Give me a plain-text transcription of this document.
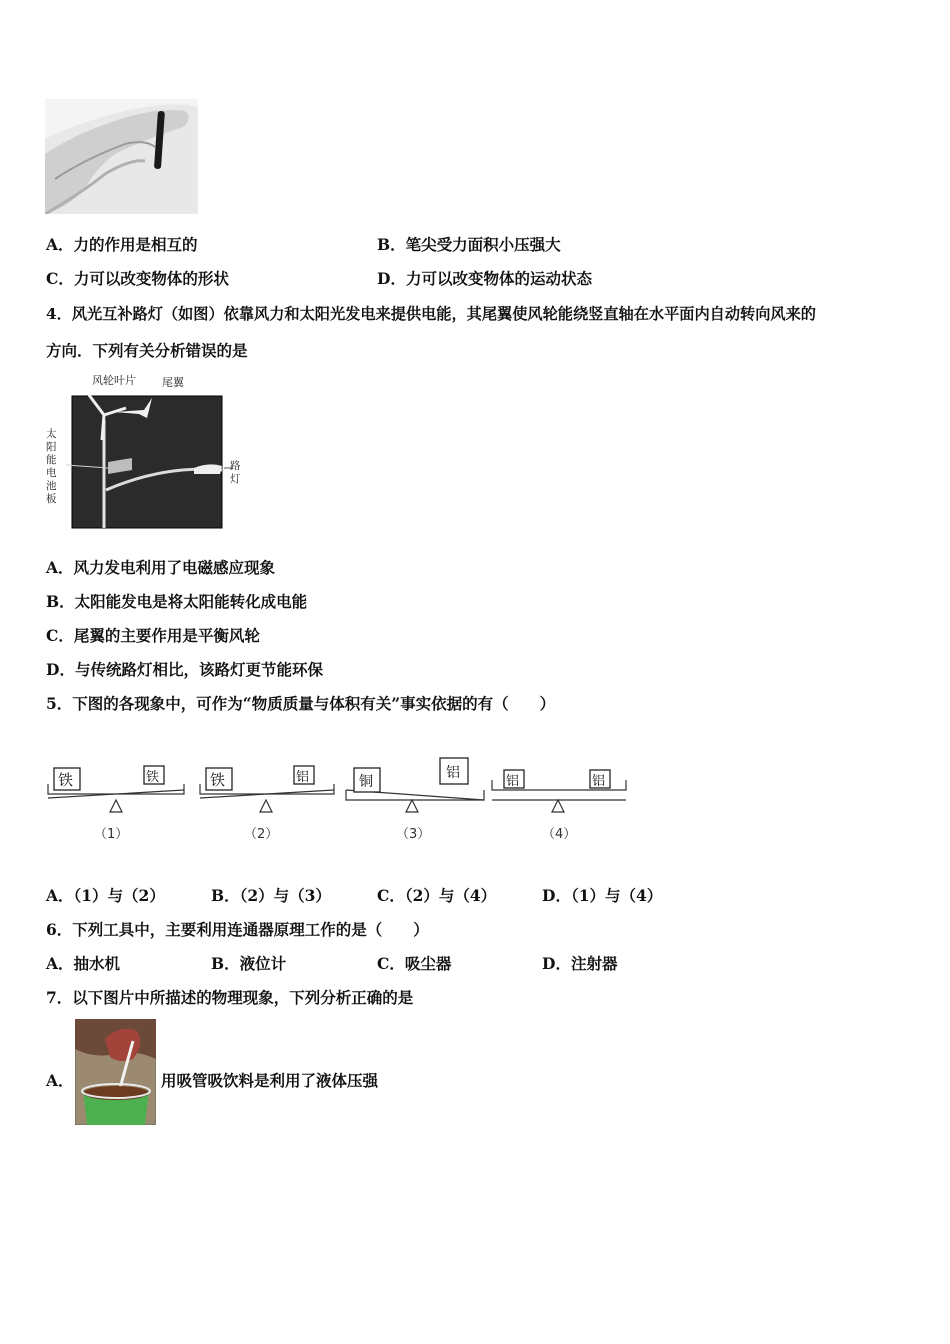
A．力的作用是相互的	B．笔尖受力面积小压强大
C．力可以改变物体的形状	D．力可以改变物体的运动状态
4．风光互补路灯（如图）依靠风力和太阳光发电来提供电能，其尾翼使风轮能绕竖直轴在水平面内自动转向风来的
方向．下列有关分析错误的是
风轮叶片 尾翼
太阳能电池板
路灯
A．风力发电利用了电磁感应现象
B．太阳能发电是将太阳能转化成电能
C．尾翼的主要作用是平衡风轮
D．与传统路灯相比，该路灯更节能环保
5．下图的各现象中，可作为“物质质量与体积有关”事实依据的有（　　）
铁	铁
（1）
铁	铝
（2）
铜
铝
（3）
铝	铝
（4）
A．（1）与（2）	B．（2）与（3）	C．（2）与（4）	D．（1）与（4）
6．下列工具中，主要利用连通器原理工作的是（　　）
A．抽水机	B．液位计	C．吸尘器	D．注射器
7．以下图片中所描述的物理现象，下列分析正确的是
A．	用吸管吸饮料是利用了液体压强
